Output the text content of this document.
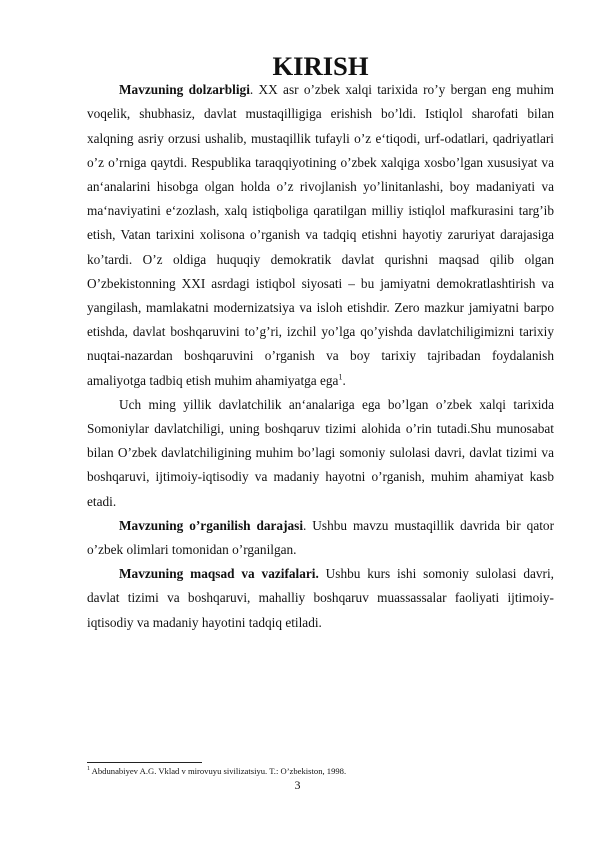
KIRISH

Mavzuning dolzarbligi. XX asr o’zbek xalqi tarixida ro’y bergan eng muhim voqelik, shubhasiz, davlat mustaqilligiga erishish bo’ldi. Istiqlol sharofati bilan xalqning asriy orzusi ushalib, mustaqillik tufayli o’z e‘tiqodi, urf-odatlari, qadriyatlari o’z o’rniga qaytdi. Respublika taraqqiyotining o’zbek xalqiga xosbo’lgan xususiyat va an‘analarini hisobga olgan holda o’z rivojlanish yo’linitanlashi, boy madaniyati va ma‘naviyatini e‘zozlash, xalq istiqboliga qaratilgan milliy istiqlol mafkurasini targ’ib etish, Vatan tarixini xolisona o’rganish va tadqiq etishni hayotiy zaruriyat darajasiga ko’tardi. O’z oldiga huquqiy demokratik davlat qurishni maqsad qilib olgan O’zbekistonning XXI asrdagi istiqbol siyosati – bu jamiyatni demokratlashtirish va yangilash, mamlakatni modernizatsiya va isloh etishdir. Zero mazkur jamiyatni barpo etishda, davlat boshqaruvini to’g’ri, izchil yo’lga qo’yishda davlatchiligimizni tarixiy nuqtai-nazardan boshqaruvini o’rganish va boy tarixiy tajribadan foydalanish amaliyotga tadbiq etish muhim ahamiyatga ega$^1$.

Uch ming yillik davlatchilik an‘analariga ega bo’lgan o’zbek xalqi tarixida Somoniylar davlatchiligi, uning boshqaruv tizimi alohida o’rin tutadi.Shu munosabat bilan O’zbek davlatchiligining muhim bo’lagi somoniy sulolasi davri, davlat tizimi va boshqaruvi, ijtimoiy-iqtisodiy va madaniy hayotni o’rganish, muhim ahamiyat kasb etadi.

Mavzuning o’rganilish darajasi. Ushbu mavzu mustaqillik davrida bir qator o’zbek olimlari tomonidan o’rganilgan.

Mavzuning maqsad va vazifalari. Ushbu kurs ishi somoniy sulolasi davri, davlat tizimi va boshqaruvi, mahalliy boshqaruv muassassalar faoliyati ijtimoiy-iqtisodiy va madaniy hayotini tadqiq etiladi.

$^1$ Abdunabiyev A.G. Vklad v mirovuyu sivilizatsiyu. T.: O’zbekiston, 1998.
3
